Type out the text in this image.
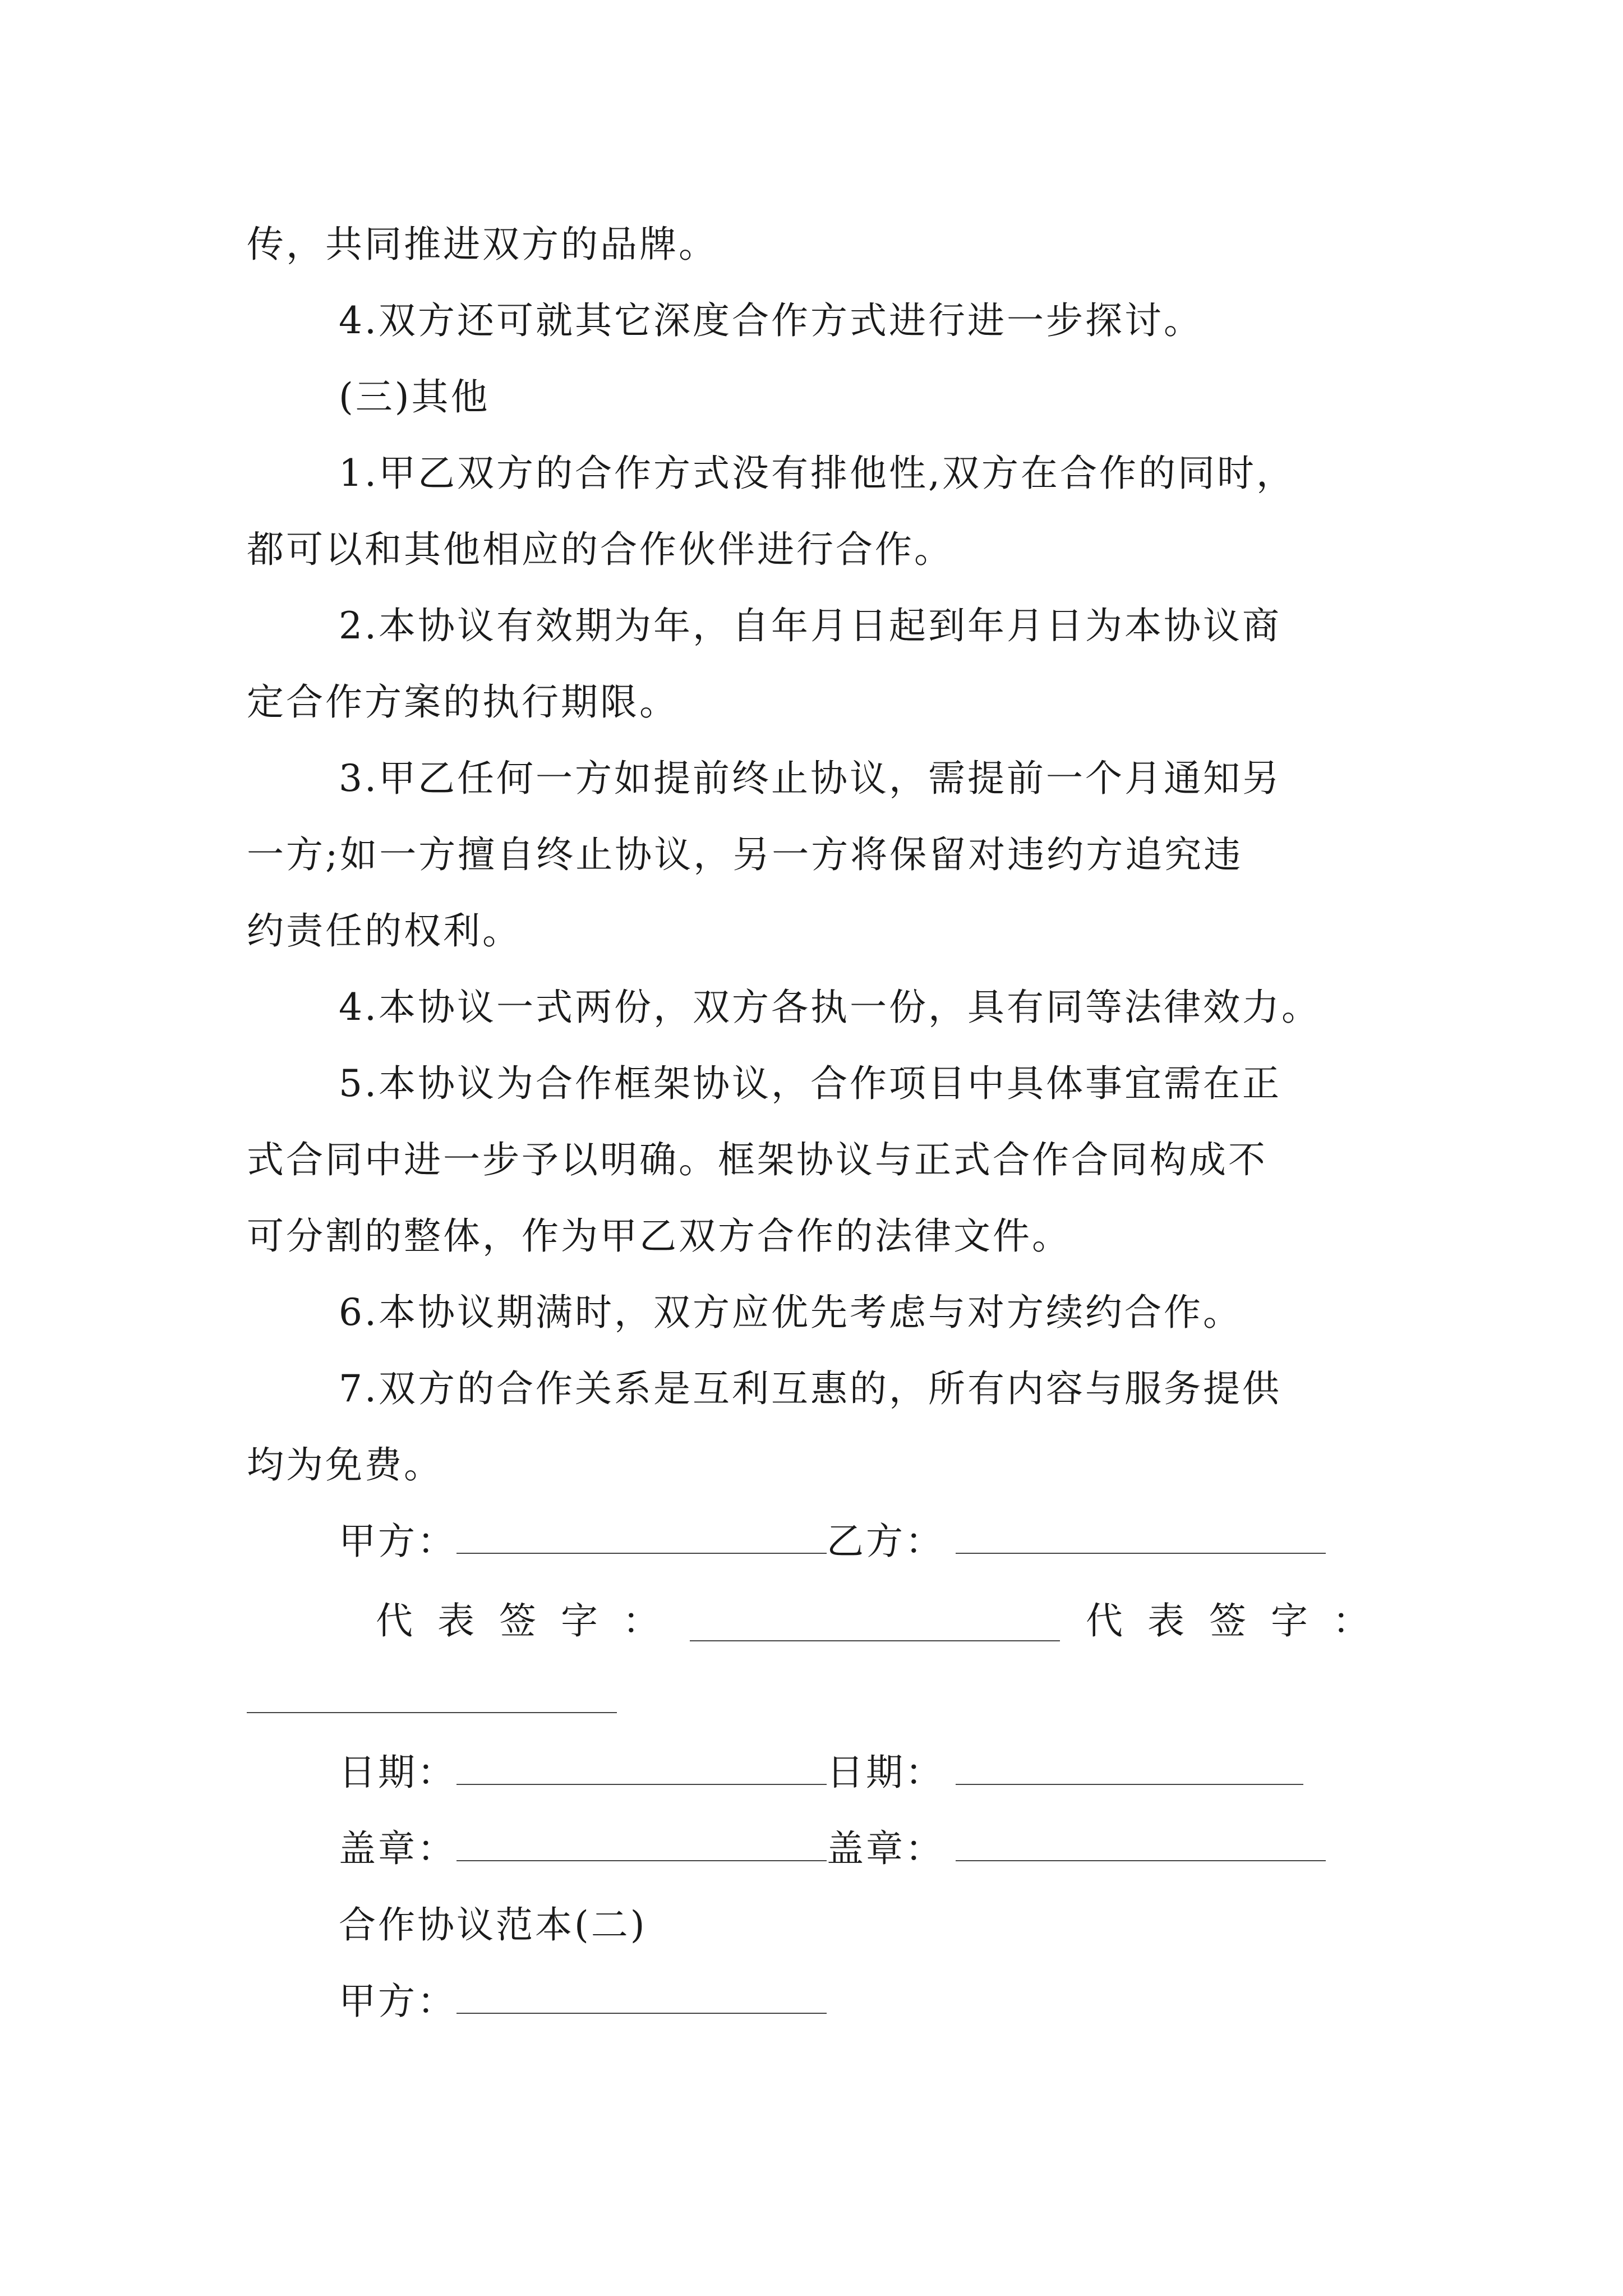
传，共同推进双方的品牌。
4.双方还可就其它深度合作方式进行进一步探讨。
(三)其他
1.甲乙双方的合作方式没有排他性,双方在合作的同时，
都可以和其他相应的合作伙伴进行合作。
2.本协议有效期为年，自年月日起到年月日为本协议商
定合作方案的执行期限。
3.甲乙任何一方如提前终止协议，需提前一个月通知另
一方;如一方擅自终止协议，另一方将保留对违约方追究违
约责任的权利。
4.本协议一式两份，双方各执一份，具有同等法律效力。
5.本协议为合作框架协议，合作项目中具体事宜需在正
式合同中进一步予以明确。框架协议与正式合作合同构成不
可分割的整体，作为甲乙双方合作的法律文件。
6.本协议期满时，双方应优先考虑与对方续约合作。
7.双方的合作关系是互利互惠的，所有内容与服务提供
均为免费。
甲方：	乙方：
代表签字：	代表签字：
日期：	日期：
盖章：	盖章：
合作协议范本(二)
甲方：
